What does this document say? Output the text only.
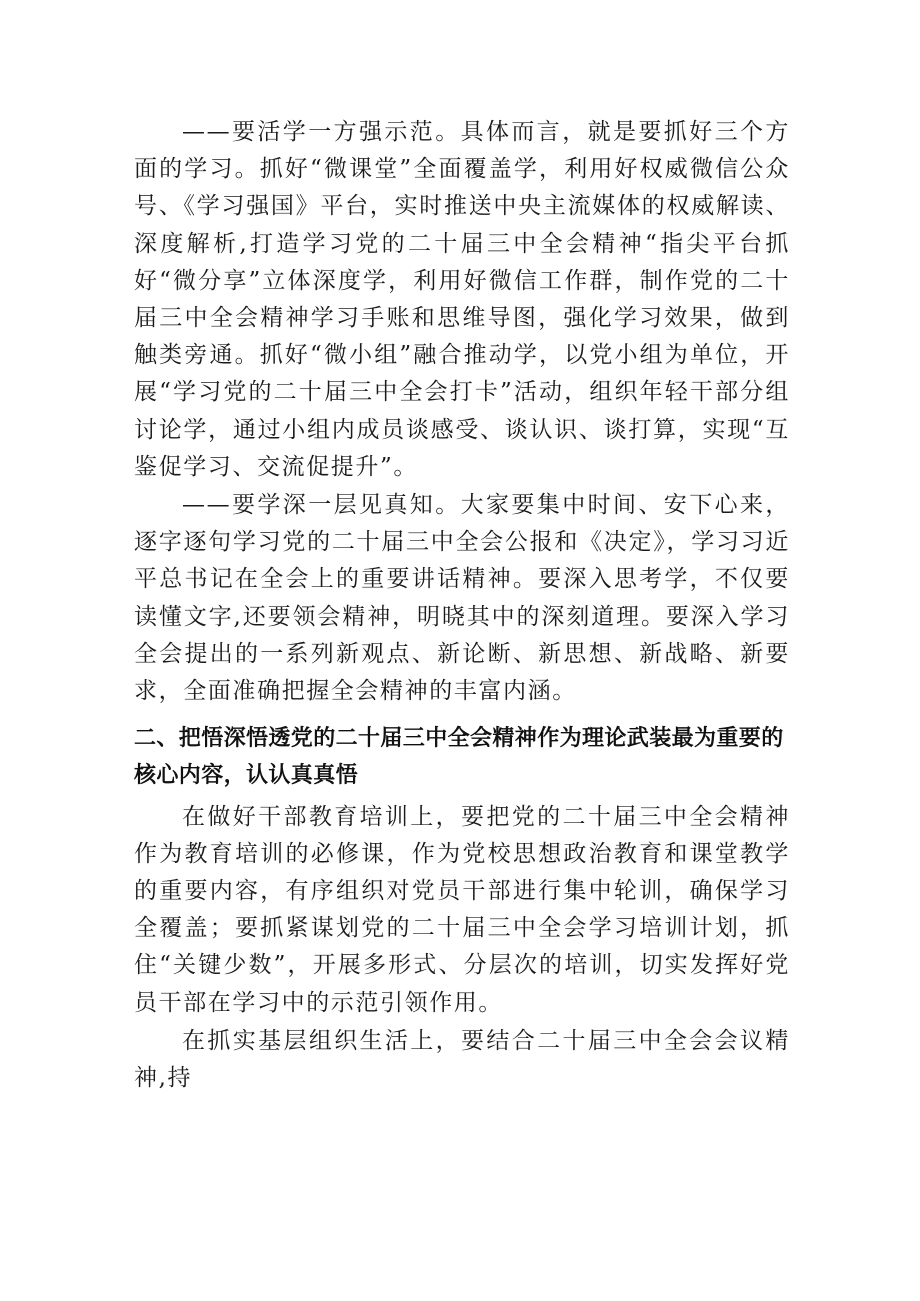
——要活学一方强示范。具体而言，就是要抓好三个方面的学习。抓好“微课堂”全面覆盖学，利用好权威微信公众号、《学习强国》平台，实时推送中央主流媒体的权威解读、深度解析,打造学习党的二十届三中全会精神“指尖平台抓好“微分享”立体深度学，利用好微信工作群，制作党的二十届三中全会精神学习手账和思维导图，强化学习效果，做到触类旁通。抓好“微小组”融合推动学，以党小组为单位，开展“学习党的二十届三中全会打卡”活动，组织年轻干部分组讨论学，通过小组内成员谈感受、谈认识、谈打算，实现“互鉴促学习、交流促提升”。

——要学深一层见真知。大家要集中时间、安下心来，逐字逐句学习党的二十届三中全会公报和《决定》，学习习近平总书记在全会上的重要讲话精神。要深入思考学，不仅要读懂文字,还要领会精神，明晓其中的深刻道理。要深入学习全会提出的一系列新观点、新论断、新思想、新战略、新要求，全面准确把握全会精神的丰富内涵。

二、把悟深悟透党的二十届三中全会精神作为理论武装最为重要的核心内容，认认真真悟

在做好干部教育培训上，要把党的二十届三中全会精神作为教育培训的必修课，作为党校思想政治教育和课堂教学的重要内容，有序组织对党员干部进行集中轮训，确保学习全覆盖；要抓紧谋划党的二十届三中全会学习培训计划，抓住“关键少数”，开展多形式、分层次的培训，切实发挥好党员干部在学习中的示范引领作用。

在抓实基层组织生活上，要结合二十届三中全会会议精神,持
